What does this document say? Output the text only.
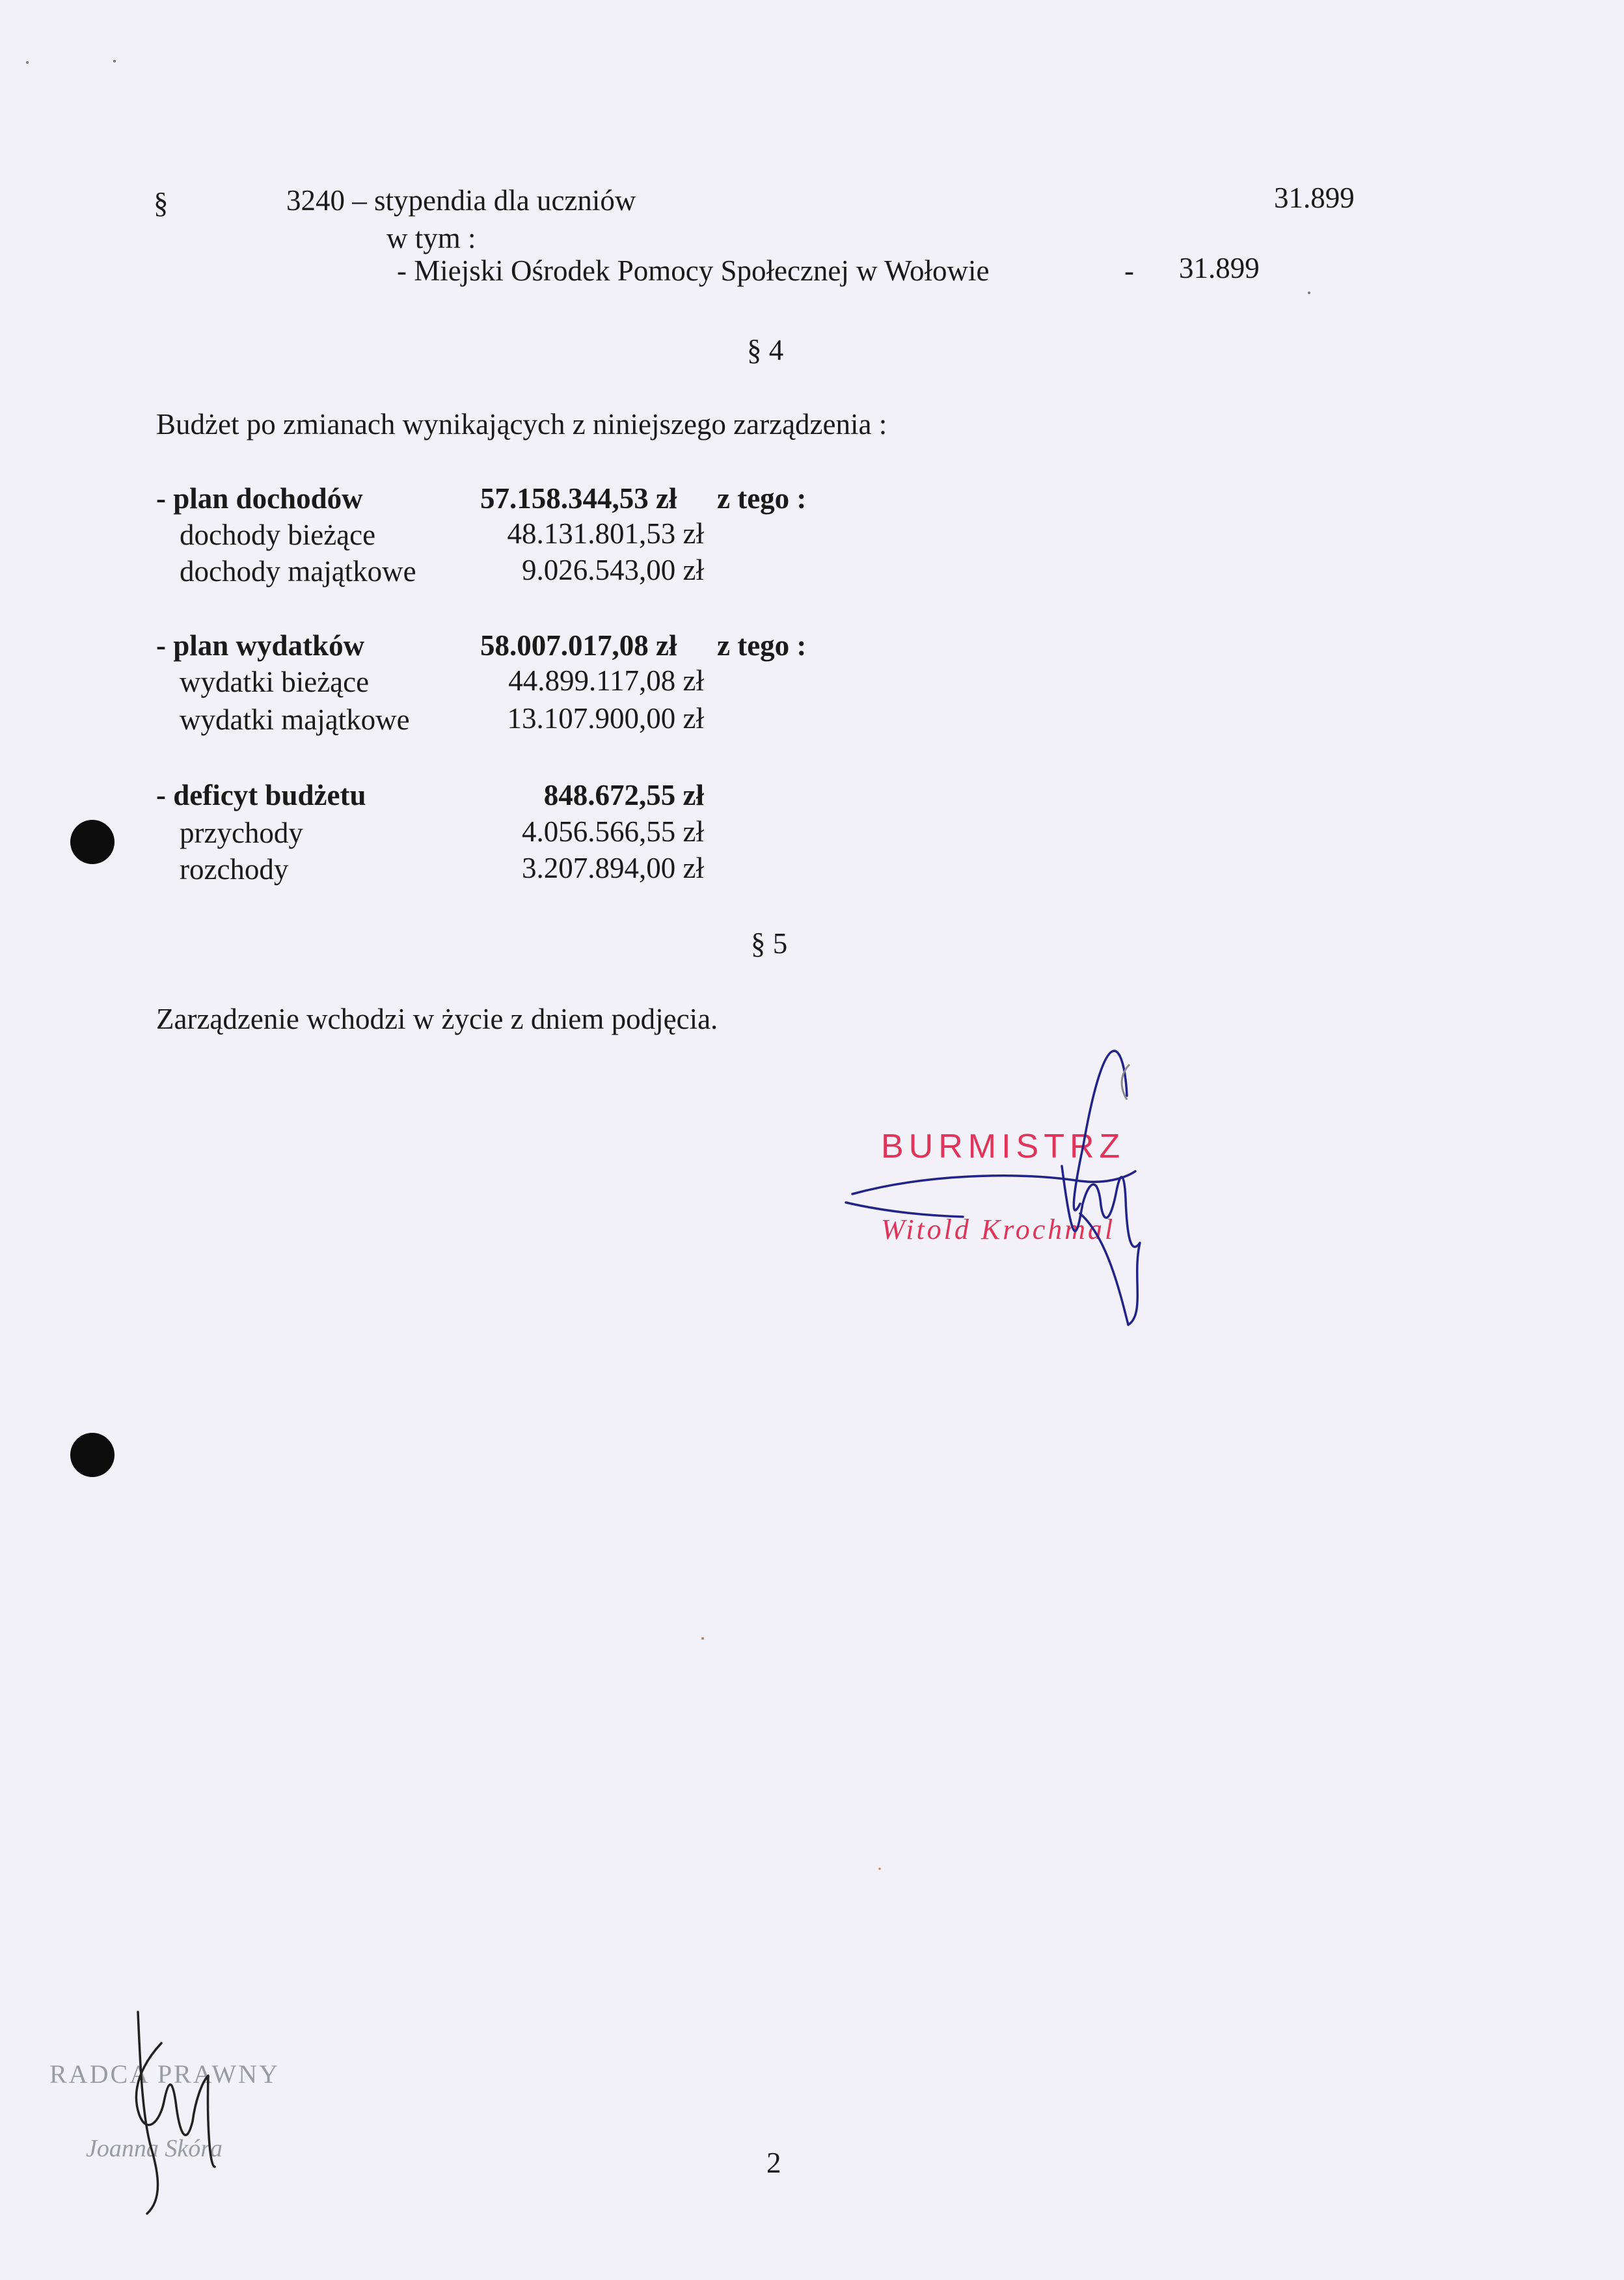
§	3240 – stypendia dla uczniów	31.899
w tym :
- Miejski Ośrodek Pomocy Społecznej w Wołowie	- 31.899
§ 4
Budżet po zmianach wynikających z niniejszego zarządzenia :
- plan dochodów	57.158.344,53 zł z tego :
dochody bieżące	48.131.801,53 zł
dochody majątkowe	9.026.543,00 zł
- plan wydatków	58.007.017,08 zł z tego :
wydatki bieżące	44.899.117,08 zł
wydatki majątkowe	13.107.900,00 zł
- deficyt budżetu	848.672,55 zł
przychody	4.056.566,55 zł
rozchody	3.207.894,00 zł
§ 5
Zarządzenie wchodzi w życie z dniem podjęcia.
BURMISTRZ
Witold Krochmal
RADCA PRAWNY
Joanna Skóra	2
